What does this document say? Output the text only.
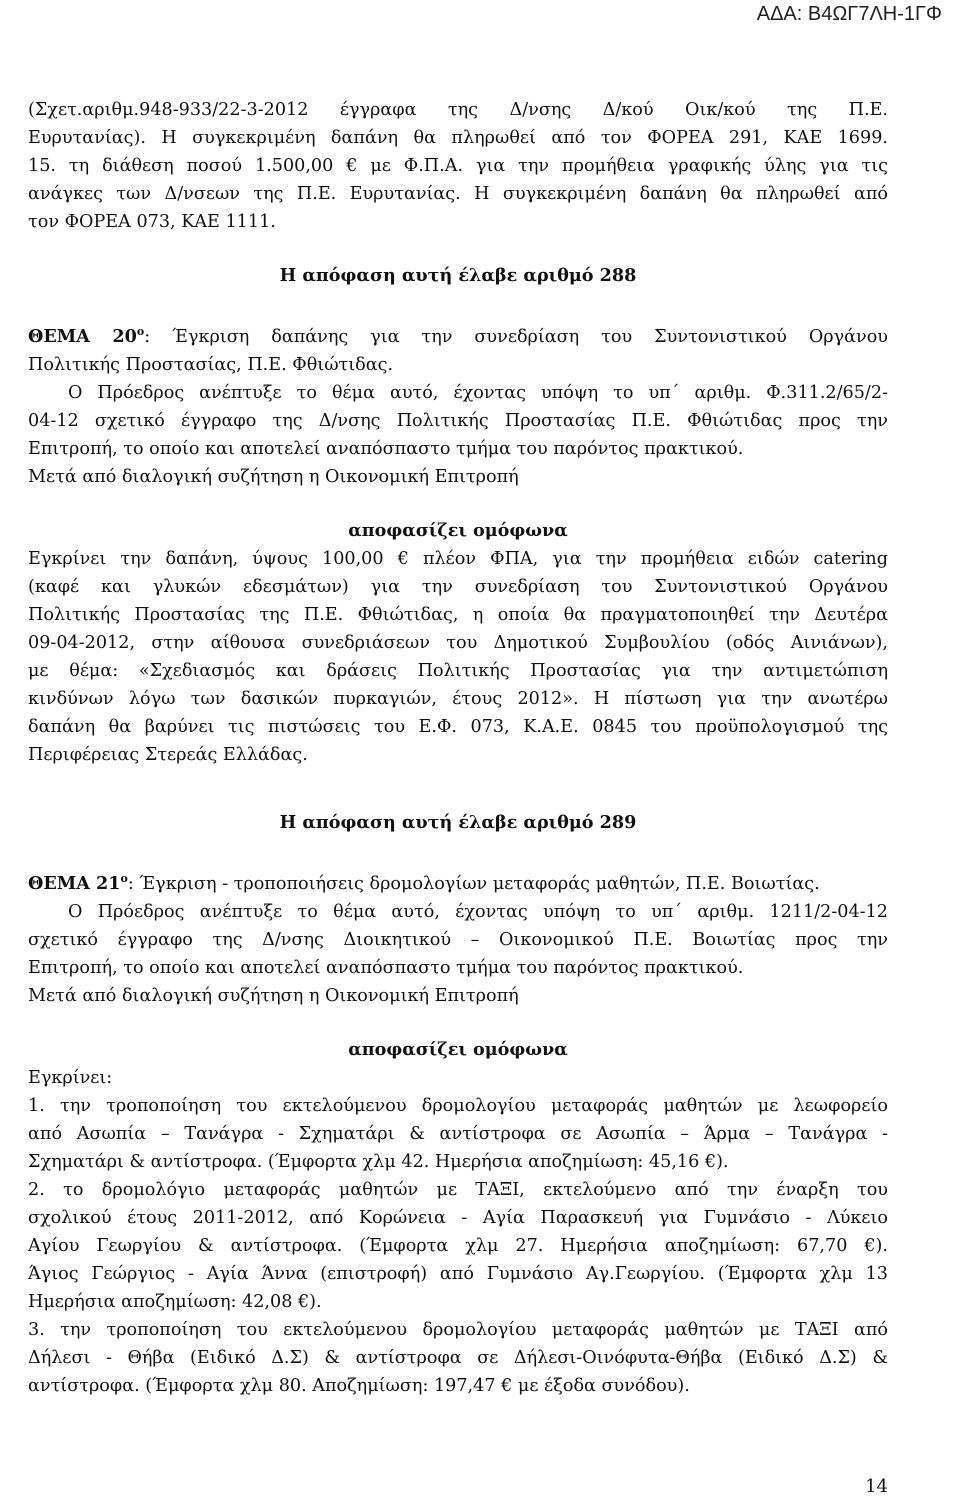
ΑΔΑ: Β4ΩΓ7ΛΗ-1ΓΦ

(Σχετ.αριθμ.948-933/22-3-2012 έγγραφα της Δ/νσης Δ/κού Οικ/κού της Π.Ε.

Ευρυτανίας). Η συγκεκριμένη δαπάνη θα πληρωθεί από τον ΦΟΡΕΑ 291, ΚΑΕ 1699.

15. τη διάθεση ποσού 1.500,00 € με Φ.Π.Α. για την προμήθεια γραφικής ύλης για τις

ανάγκες των Δ/νσεων της Π.Ε. Ευρυτανίας. Η συγκεκριμένη δαπάνη θα πληρωθεί από

τον ΦΟΡΕΑ 073, ΚΑΕ 1111.

Η απόφαση αυτή έλαβε αριθμό 288

ΘΕΜΑ $20^o$: Έγκριση δαπάνης για την συνεδρίαση του Συντονιστικού Οργάνου

Πολιτικής Προστασίας, Π.Ε. Φθιώτιδας.

Ο Πρόεδρος ανέπτυξε το θέμα αυτό, έχοντας υπόψη το υπ΄ αριθμ. Φ.311.2/65/2-

04-12 σχετικό έγγραφο της Δ/νσης Πολιτικής Προστασίας Π.Ε. Φθιώτιδας προς την

Επιτροπή, το οποίο και αποτελεί αναπόσπαστο τμήμα του παρόντος πρακτικού.

Μετά από διαλογική συζήτηση η Οικονομική Επιτροπή

αποφασίζει ομόφωνα

Εγκρίνει την δαπάνη, ύψους 100,00 € πλέον ΦΠΑ, για την προμήθεια ειδών catering

(καφέ και γλυκών εδεσμάτων) για την συνεδρίαση του Συντονιστικού Οργάνου

Πολιτικής Προστασίας της Π.Ε. Φθιώτιδας, η οποία θα πραγματοποιηθεί την Δευτέρα

09-04-2012, στην αίθουσα συνεδριάσεων του Δημοτικού Συμβουλίου (οδός Αινιάνων),

με θέμα: «Σχεδιασμός και δράσεις Πολιτικής Προστασίας για την αντιμετώπιση

κινδύνων λόγω των δασικών πυρκαγιών, έτους 2012». Η πίστωση για την ανωτέρω

δαπάνη θα βαρύνει τις πιστώσεις του Ε.Φ. 073, Κ.Α.Ε. 0845 του προϋπολογισμού της

Περιφέρειας Στερεάς Ελλάδας.

Η απόφαση αυτή έλαβε αριθμό 289

ΘΕΜΑ $21^o$: Έγκριση - τροποποιήσεις δρομολογίων μεταφοράς μαθητών, Π.Ε. Βοιωτίας.

Ο Πρόεδρος ανέπτυξε το θέμα αυτό, έχοντας υπόψη το υπ΄ αριθμ. 1211/2-04-12

σχετικό έγγραφο της Δ/νσης Διοικητικού – Οικονομικού Π.Ε. Βοιωτίας προς την

Επιτροπή, το οποίο και αποτελεί αναπόσπαστο τμήμα του παρόντος πρακτικού.

Μετά από διαλογική συζήτηση η Οικονομική Επιτροπή

αποφασίζει ομόφωνα

Εγκρίνει:

1. την τροποποίηση του εκτελούμενου δρομολογίου μεταφοράς μαθητών με λεωφορείο

από Ασωπία – Τανάγρα - Σχηματάρι & αντίστροφα σε Ασωπία – Άρμα – Τανάγρα -

Σχηματάρι & αντίστροφα. (Έμφορτα χλμ 42. Ημερήσια αποζημίωση: 45,16 €).

2. το δρομολόγιο μεταφοράς μαθητών με ΤΑΞΙ, εκτελούμενο από την έναρξη του

σχολικού έτους 2011-2012, από Κορώνεια - Αγία Παρασκευή για Γυμνάσιο - Λύκειο

Αγίου Γεωργίου & αντίστροφα. (Έμφορτα χλμ 27. Ημερήσια αποζημίωση: 67,70 €).

Άγιος Γεώργιος - Αγία Άννα (επιστροφή) από Γυμνάσιο Αγ.Γεωργίου. (Έμφορτα χλμ 13

Ημερήσια αποζημίωση: 42,08 €).

3. την τροποποίηση του εκτελούμενου δρομολογίου μεταφοράς μαθητών με ΤΑΞΙ από

Δήλεσι - Θήβα (Ειδικό Δ.Σ) & αντίστροφα σε Δήλεσι-Οινόφυτα-Θήβα (Ειδικό Δ.Σ) &

αντίστροφα. (Έμφορτα χλμ 80. Αποζημίωση: 197,47 € με έξοδα συνόδου).

14
